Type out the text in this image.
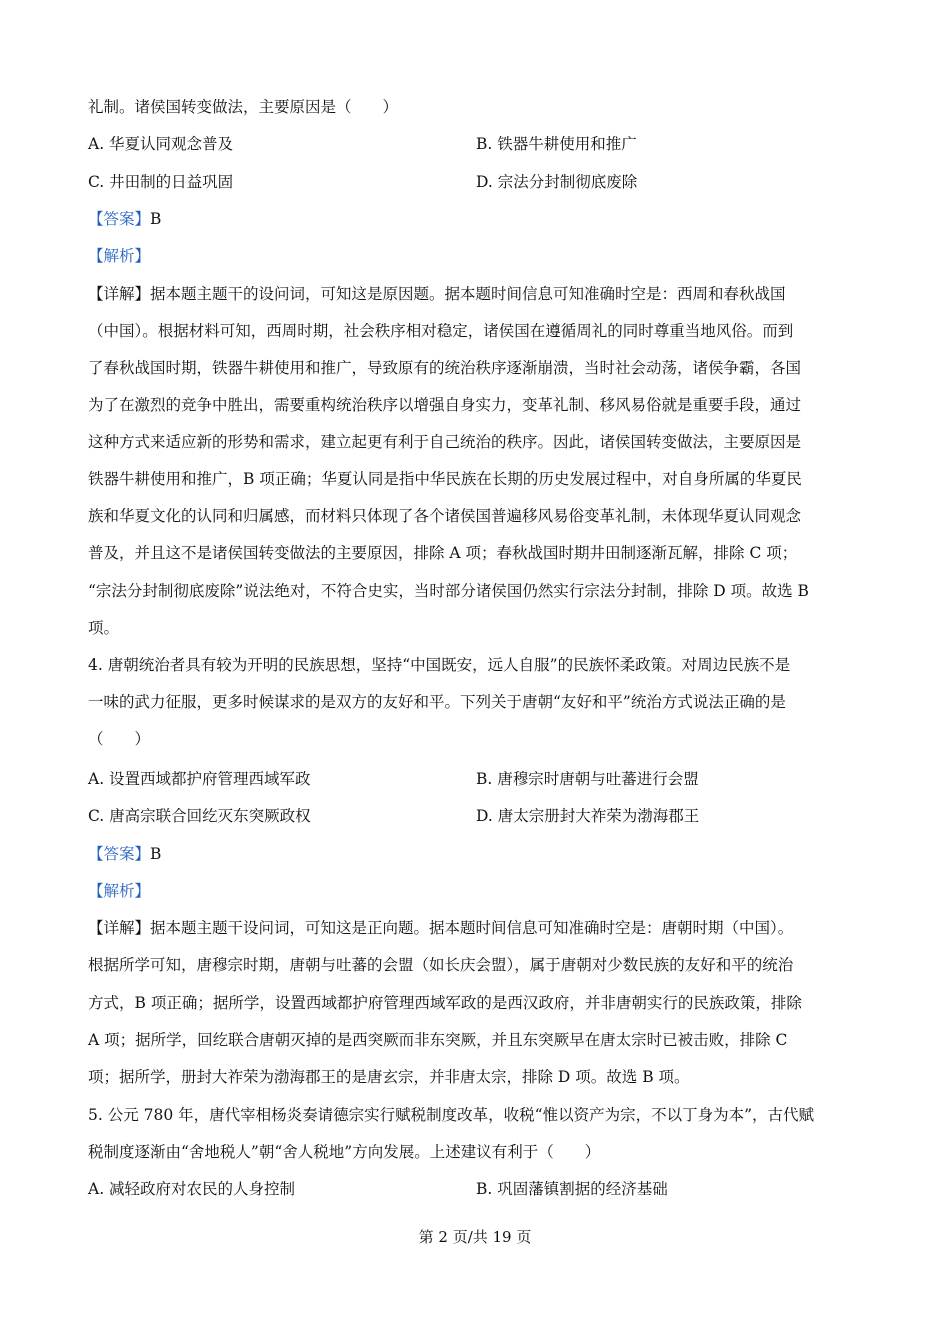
礼制。诸侯国转变做法，主要原因是（　　）
A. 华夏认同观念普及	B. 铁器牛耕使用和推广
C. 井田制的日益巩固	D. 宗法分封制彻底废除
【答案】B
【解析】
【详解】据本题主题干的设问词，可知这是原因题。据本题时间信息可知准确时空是：西周和春秋战国
（中国）。根据材料可知，西周时期，社会秩序相对稳定，诸侯国在遵循周礼的同时尊重当地风俗。而到
了春秋战国时期，铁器牛耕使用和推广，导致原有的统治秩序逐渐崩溃，当时社会动荡，诸侯争霸，各国
为了在激烈的竞争中胜出，需要重构统治秩序以增强自身实力，变革礼制、移风易俗就是重要手段，通过
这种方式来适应新的形势和需求，建立起更有利于自己统治的秩序。因此，诸侯国转变做法，主要原因是
铁器牛耕使用和推广，B 项正确；华夏认同是指中华民族在长期的历史发展过程中，对自身所属的华夏民
族和华夏文化的认同和归属感，而材料只体现了各个诸侯国普遍移风易俗变革礼制，未体现华夏认同观念
普及，并且这不是诸侯国转变做法的主要原因，排除 A 项；春秋战国时期井田制逐渐瓦解，排除 C 项；
“宗法分封制彻底废除”说法绝对，不符合史实，当时部分诸侯国仍然实行宗法分封制，排除 D 项。故选 B
项。
4. 唐朝统治者具有较为开明的民族思想，坚持“中国既安，远人自服”的民族怀柔政策。对周边民族不是
一味的武力征服，更多时候谋求的是双方的友好和平。下列关于唐朝“友好和平”统治方式说法正确的是
（　　）
A. 设置西域都护府管理西域军政	B. 唐穆宗时唐朝与吐蕃进行会盟
C. 唐高宗联合回纥灭东突厥政权	D. 唐太宗册封大祚荣为渤海郡王
【答案】B
【解析】
【详解】据本题主题干设问词，可知这是正向题。据本题时间信息可知准确时空是：唐朝时期（中国）。
根据所学可知，唐穆宗时期，唐朝与吐蕃的会盟（如长庆会盟），属于唐朝对少数民族的友好和平的统治
方式，B 项正确；据所学，设置西域都护府管理西域军政的是西汉政府，并非唐朝实行的民族政策，排除
A 项；据所学，回纥联合唐朝灭掉的是西突厥而非东突厥，并且东突厥早在唐太宗时已被击败，排除 C
项；据所学，册封大祚荣为渤海郡王的是唐玄宗，并非唐太宗，排除 D 项。故选 B 项。
5. 公元 780 年，唐代宰相杨炎奏请德宗实行赋税制度改革，收税“惟以资产为宗，不以丁身为本”，古代赋
税制度逐渐由“舍地税人”朝“舍人税地”方向发展。上述建议有利于（　　）
A. 减轻政府对农民的人身控制	B. 巩固藩镇割据的经济基础
第 2 页/共 19 页
